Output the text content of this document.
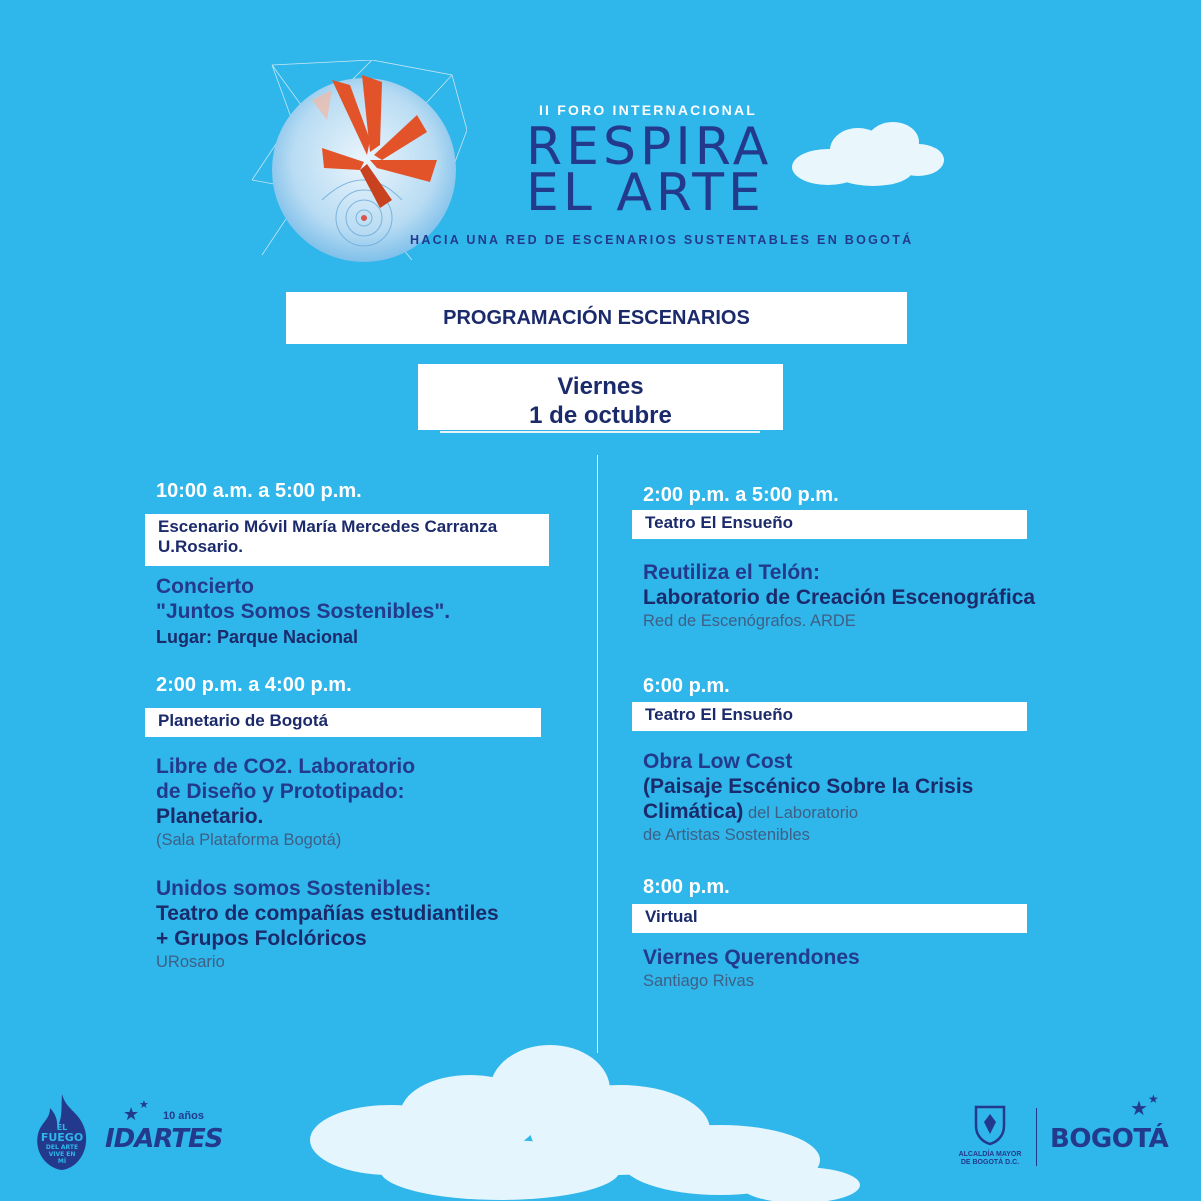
II FORO INTERNACIONAL
RESPIRA
EL ARTE
HACIA UNA RED DE ESCENARIOS SUSTENTABLES EN BOGOTÁ
PROGRAMACIÓN ESCENARIOS
Viernes
1 de octubre
10:00 a.m. a 5:00 p.m.
Escenario Móvil María Mercedes Carranza
U.Rosario.
Concierto
"Juntos Somos Sostenibles".
Lugar: Parque Nacional
2:00 p.m. a 4:00 p.m.
Planetario de Bogotá
Libre de CO2. Laboratorio
de Diseño y Prototipado:
Planetario.
(Sala Plataforma Bogotá)
Unidos somos Sostenibles:
Teatro de compañías estudiantiles
+ Grupos Folclóricos
URosario
2:00 p.m. a 5:00 p.m.
Teatro El Ensueño
Reutiliza el Telón:
Laboratorio de Creación Escenográfica
Red de Escenógrafos. ARDE
6:00 p.m.
Teatro El Ensueño
Obra Low Cost
(Paisaje Escénico Sobre la Crisis
Climática) del Laboratorio
de Artistas Sostenibles
8:00 p.m.
Virtual
Viernes Querendones
Santiago Rivas
EL
FUEGO
DEL ARTE
VIVE EN
MÍ
★ ★
10 años
IDARTES
ALCALDÍA MAYOR
DE BOGOTÁ D.C.
★ ★
BOGOTÁ
